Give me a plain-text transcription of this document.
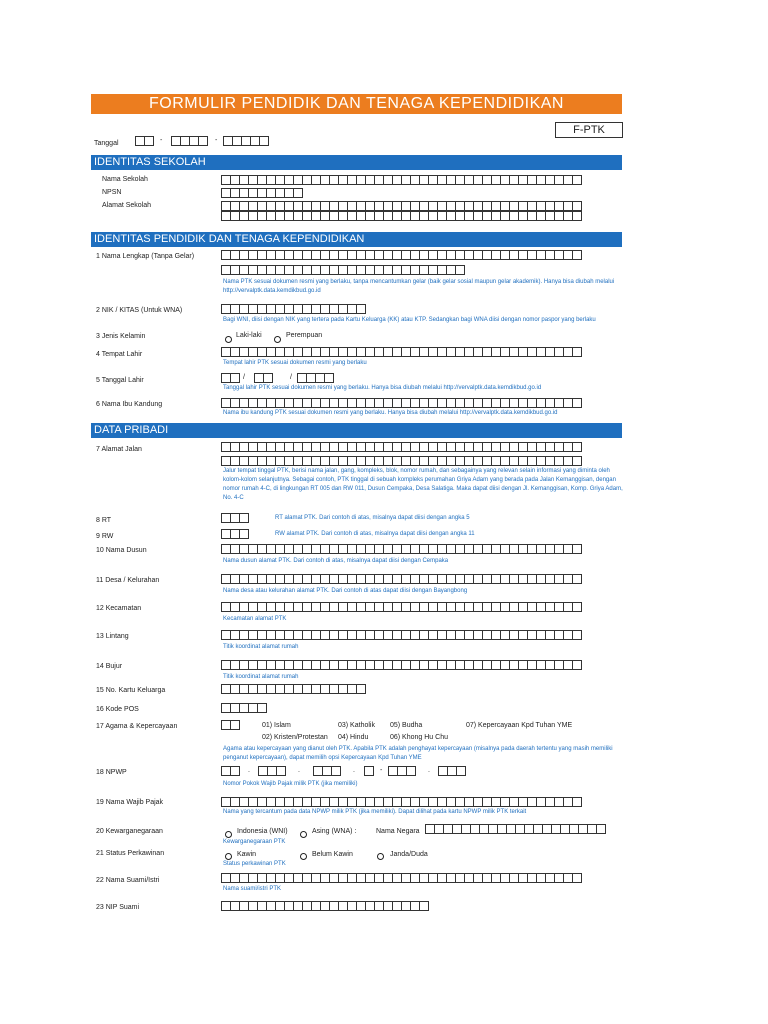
FORMULIR PENDIDIK DAN TENAGA KEPENDIDIKAN
F-PTK
Tanggal	-	-
IDENTITAS SEKOLAH
Nama Sekolah
NPSN
Alamat Sekolah
IDENTITAS PENDIDIK DAN TENAGA KEPENDIDIKAN
1 Nama Lengkap (Tanpa Gelar)
Nama PTK sesuai dokumen resmi yang berlaku, tanpa mencantumkan gelar (baik gelar sosial maupun gelar akademik). Hanya bisa diubah melalui http://vervalptk.data.kemdikbud.go.id
2 NIK / KITAS (Untuk WNA)
Bagi WNI, diisi dengan NIK yang tertera pada Kartu Keluarga (KK) atau KTP. Sedangkan bagi WNA diisi dengan nomor paspor yang berlaku
3 Jenis Kelamin	Laki-laki	Perempuan
4 Tempat Lahir
Tempat lahir PTK sesuai dokumen resmi yang berlaku
5 Tanggal Lahir	/	/
Tanggal lahir PTK sesuai dokumen resmi yang berlaku. Hanya bisa diubah melalui http://vervalptk.data.kemdikbud.go.id
6 Nama Ibu Kandung
Nama ibu kandung PTK sesuai dokumen resmi yang berlaku. Hanya bisa diubah melalui http://vervalptk.data.kemdikbud.go.id
DATA PRIBADI
7 Alamat Jalan
Jalur tempat tinggal PTK, berisi nama jalan, gang, kompleks, blok, nomor rumah, dan sebagainya yang relevan selain informasi yang diminta oleh kolom-kolom selanjutnya. Sebagai contoh, PTK tinggal di sebuah kompleks perumahan Griya Adam yang berada pada Jalan Kemanggisan, dengan nomor rumah 4-C, di lingkungan RT 005 dan RW 011, Dusun Cempaka, Desa Salatiga. Maka dapat diisi dengan Jl. Kemanggisan, Komp. Griya Adam, No. 4-C
8 RT	RT alamat PTK. Dari contoh di atas, misalnya dapat diisi dengan angka 5
9 RW	RW alamat PTK. Dari contoh di atas, misalnya dapat diisi dengan angka 11
10 Nama Dusun
Nama dusun alamat PTK. Dari contoh di atas, misalnya dapat diisi dengan Cempaka
11 Desa / Kelurahan
Nama desa atau kelurahan alamat PTK. Dari contoh di atas dapat diisi dengan Bayangbong
12 Kecamatan
Kecamatan alamat PTK
13 Lintang
Titik koordinat alamat rumah
14 Bujur
Titik koordinat alamat rumah
15 No. Kartu Keluarga
16 Kode POS
17 Agama & Kepercayaan	01) Islam
02) Kristen/Protestan
03) Katholik
04) Hindu
05) Budha
06) Khong Hu Chu
07) Kepercayaan Kpd Tuhan YME
Agama atau kepercayaan yang dianut oleh PTK. Apabila PTK adalah penghayat kepercayaan (misalnya pada daerah tertentu yang masih memiliki penganut kepercayaan), dapat memilih opsi Kepercayaan Kpd Tuhan YME
18 NPWP	.	.	.	-	.
Nomor Pokok Wajib Pajak milik PTK (jika memiliki)
19 Nama Wajib Pajak
Nama yang tercantum pada data NPWP milik PTK (jika memiliki). Dapat dilihat pada kartu NPWP milik PTK terkait
20 Kewarganegaraan	Indonesia (WNI)	Asing (WNA) :	Nama Negara
Kewarganegaraan PTK
21 Status Perkawinan	Kawin	Belum Kawin	Janda/Duda
Status perkawinan PTK
22 Nama Suami/Istri
Nama suami/istri PTK
23 NIP Suami
